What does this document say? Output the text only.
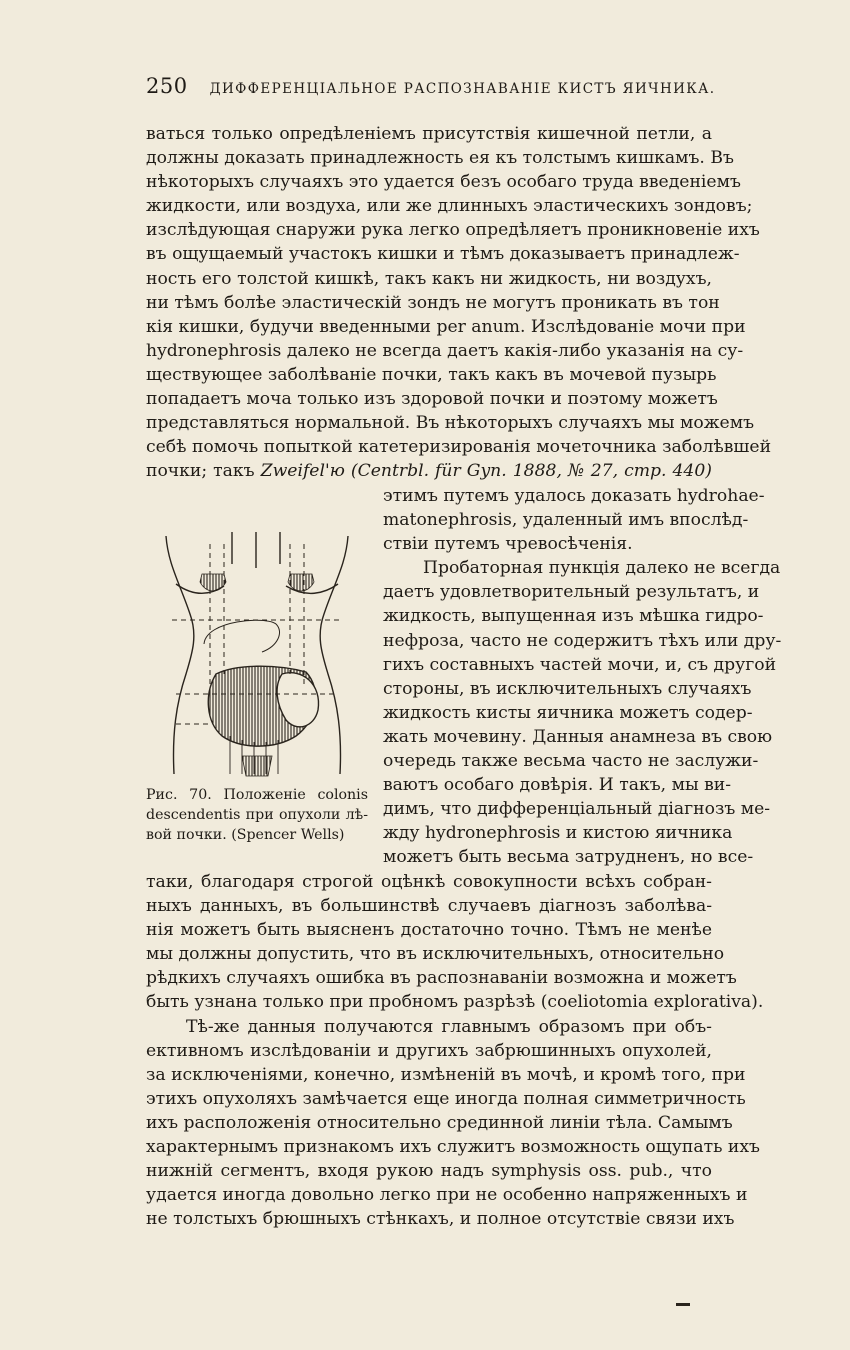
250 ДИФФЕРЕНЦІАЛЬНОЕ РАСПОЗНАВАНІЕ КИСТЪ ЯИЧНИКА.
ваться только опредѣленіемъ присутствія кишечной петли, а
должны доказать принадлежность ея къ толстымъ кишкамъ. Въ
нѣкоторыхъ случаяхъ это удается безъ особаго труда введеніемъ
жидкости, или воздуха, или же длинныхъ эластическихъ зондовъ;
изслѣдующая снаружи рука легко опредѣляетъ проникновеніе ихъ
въ ощущаемый участокъ кишки и тѣмъ доказываетъ принадлеж-
ность его толстой кишкѣ, такъ какъ ни жидкость, ни воздухъ,
ни тѣмъ болѣе эластическій зондъ не могутъ проникать въ тон
кія кишки, будучи введенными per anum. Изслѣдованіе мочи при
hydronephrosis далеко не всегда даетъ какія-либо указанія на су-
ществующее заболѣваніе почки, такъ какъ въ мочевой пузырь
попадаетъ моча только изъ здоровой почки и поэтому можетъ
представляться нормальной. Въ нѣкоторыхъ случаяхъ мы можемъ
себѣ помочь попыткой катетеризированія мочеточника заболѣвшей
почки; такъ Zweifel'ю (Centrbl. für Gyn. 1888, № 27, стр. 440)
Рис. 70. Положеніе colonis
descendentis при опухоли лѣ-
вой почки. (Spencer Wells)
этимъ путемъ удалось доказать hydrohae-
matonephrosis, удаленный имъ впослѣд-
ствіи путемъ чревосѣченія.
Пробаторная пункція далеко не всегда
даетъ удовлетворительный результатъ, и
жидкость, выпущенная изъ мѣшка гидро-
нефроза, часто не содержитъ тѣхъ или дру-
гихъ составныхъ частей мочи, и, съ другой
стороны, въ исключительныхъ случаяхъ
жидкость кисты яичника можетъ содер-
жать мочевину. Данныя анамнеза въ свою
очередь также весьма часто не заслужи-
ваютъ особаго довѣрія. И такъ, мы ви-
димъ, что дифференціальный діагнозъ ме-
жду hydronephrosis и кистою яичника
можетъ быть весьма затрудненъ, но все-
таки, благодаря строгой оцѣнкѣ совокупности всѣхъ собран-
ныхъ данныхъ, въ большинствѣ случаевъ діагнозъ заболѣва-
нія можетъ быть выясненъ достаточно точно. Тѣмъ не менѣе
мы должны допустить, что въ исключительныхъ, относительно
рѣдкихъ случаяхъ ошибка въ распознаваніи возможна и можетъ
быть узнана только при пробномъ разрѣзѣ (coeliotomia explorativa).
Тѣ-же данныя получаются главнымъ образомъ при объ-
ективномъ изслѣдованіи и другихъ забрюшинныхъ опухолей,
за исключеніями, конечно, измѣненій въ мочѣ, и кромѣ того, при
этихъ опухоляхъ замѣчается еще иногда полная симметричность
ихъ расположенія относительно срединной линіи тѣла. Самымъ
характернымъ признакомъ ихъ служитъ возможность ощупать ихъ
нижній сегментъ, входя рукою надъ symphysis oss. pub., что
удается иногда довольно легко при не особенно напряженныхъ и
не толстыхъ брюшныхъ стѣнкахъ, и полное отсутствіе связи ихъ
